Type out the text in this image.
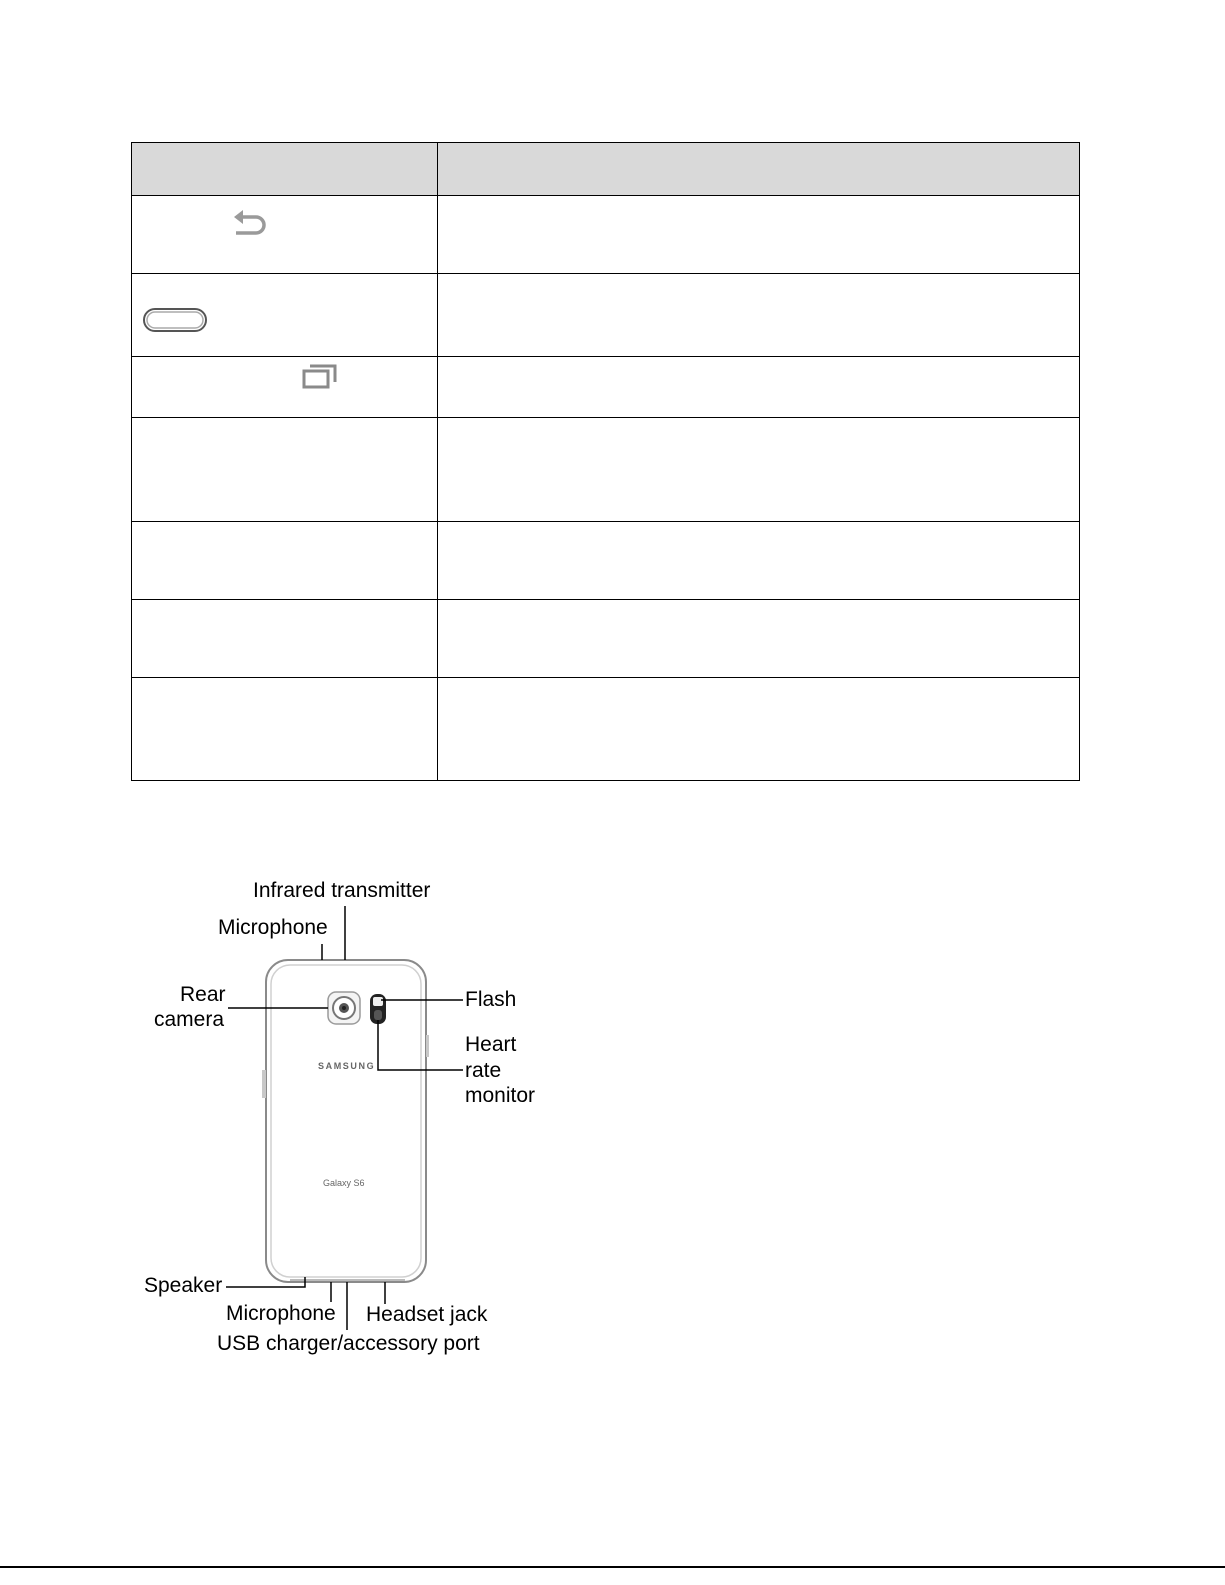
Infrared transmitter
Microphone
Rear
camera
Flash
Heart
rate
monitor
Speaker
Microphone Headset jack
USB charger/accessory port
SAMSUNG
Galaxy S6
